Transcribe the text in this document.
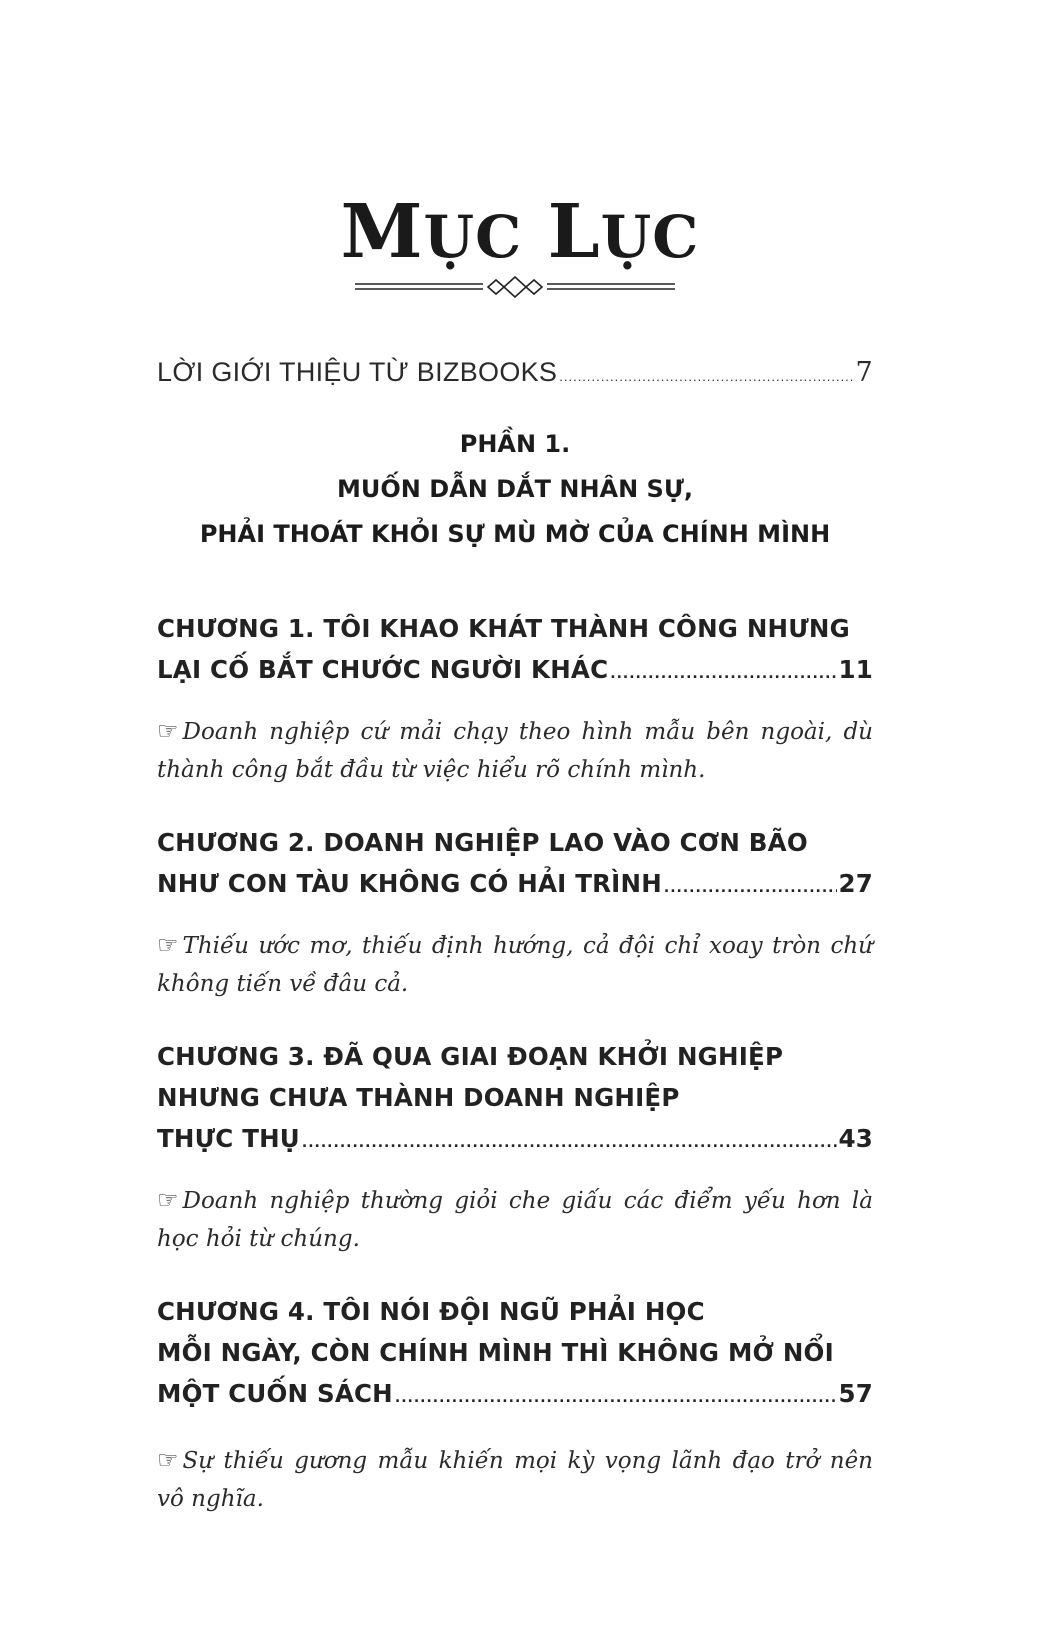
MỤC LỤC
LỜI GIỚI THIỆU TỪ BIZBOOKS .....	7
PHẦN 1.
MUỐN DẪN DẮT NHÂN SỰ,
PHẢI THOÁT KHỎI SỰ MÙ MỜ CỦA CHÍNH MÌNH
CHƯƠNG 1. TÔI KHAO KHÁT THÀNH CÔNG NHƯNG
LẠI CỐ BẮT CHƯỚC NGƯỜI KHÁC .....	11
☞ Doanh nghiệp cứ mải chạy theo hình mẫu bên ngoài, dù thành công bắt đầu từ việc hiểu rõ chính mình.
CHƯƠNG 2. DOANH NGHIỆP LAO VÀO CƠN BÃO
NHƯ CON TÀU KHÔNG CÓ HẢI TRÌNH .....	27
☞ Thiếu ước mơ, thiếu định hướng, cả đội chỉ xoay tròn chứ không tiến về đâu cả.
CHƯƠNG 3. ĐÃ QUA GIAI ĐOẠN KHỞI NGHIỆP
NHƯNG CHƯA THÀNH DOANH NGHIỆP
THỰC THỤ .....	43
☞ Doanh nghiệp thường giỏi che giấu các điểm yếu hơn là học hỏi từ chúng.
CHƯƠNG 4. TÔI NÓI ĐỘI NGŨ PHẢI HỌC
MỖI NGÀY, CÒN CHÍNH MÌNH THÌ KHÔNG MỞ NỔI
MỘT CUỐN SÁCH .....	57
☞ Sự thiếu gương mẫu khiến mọi kỳ vọng lãnh đạo trở nên vô nghĩa.
